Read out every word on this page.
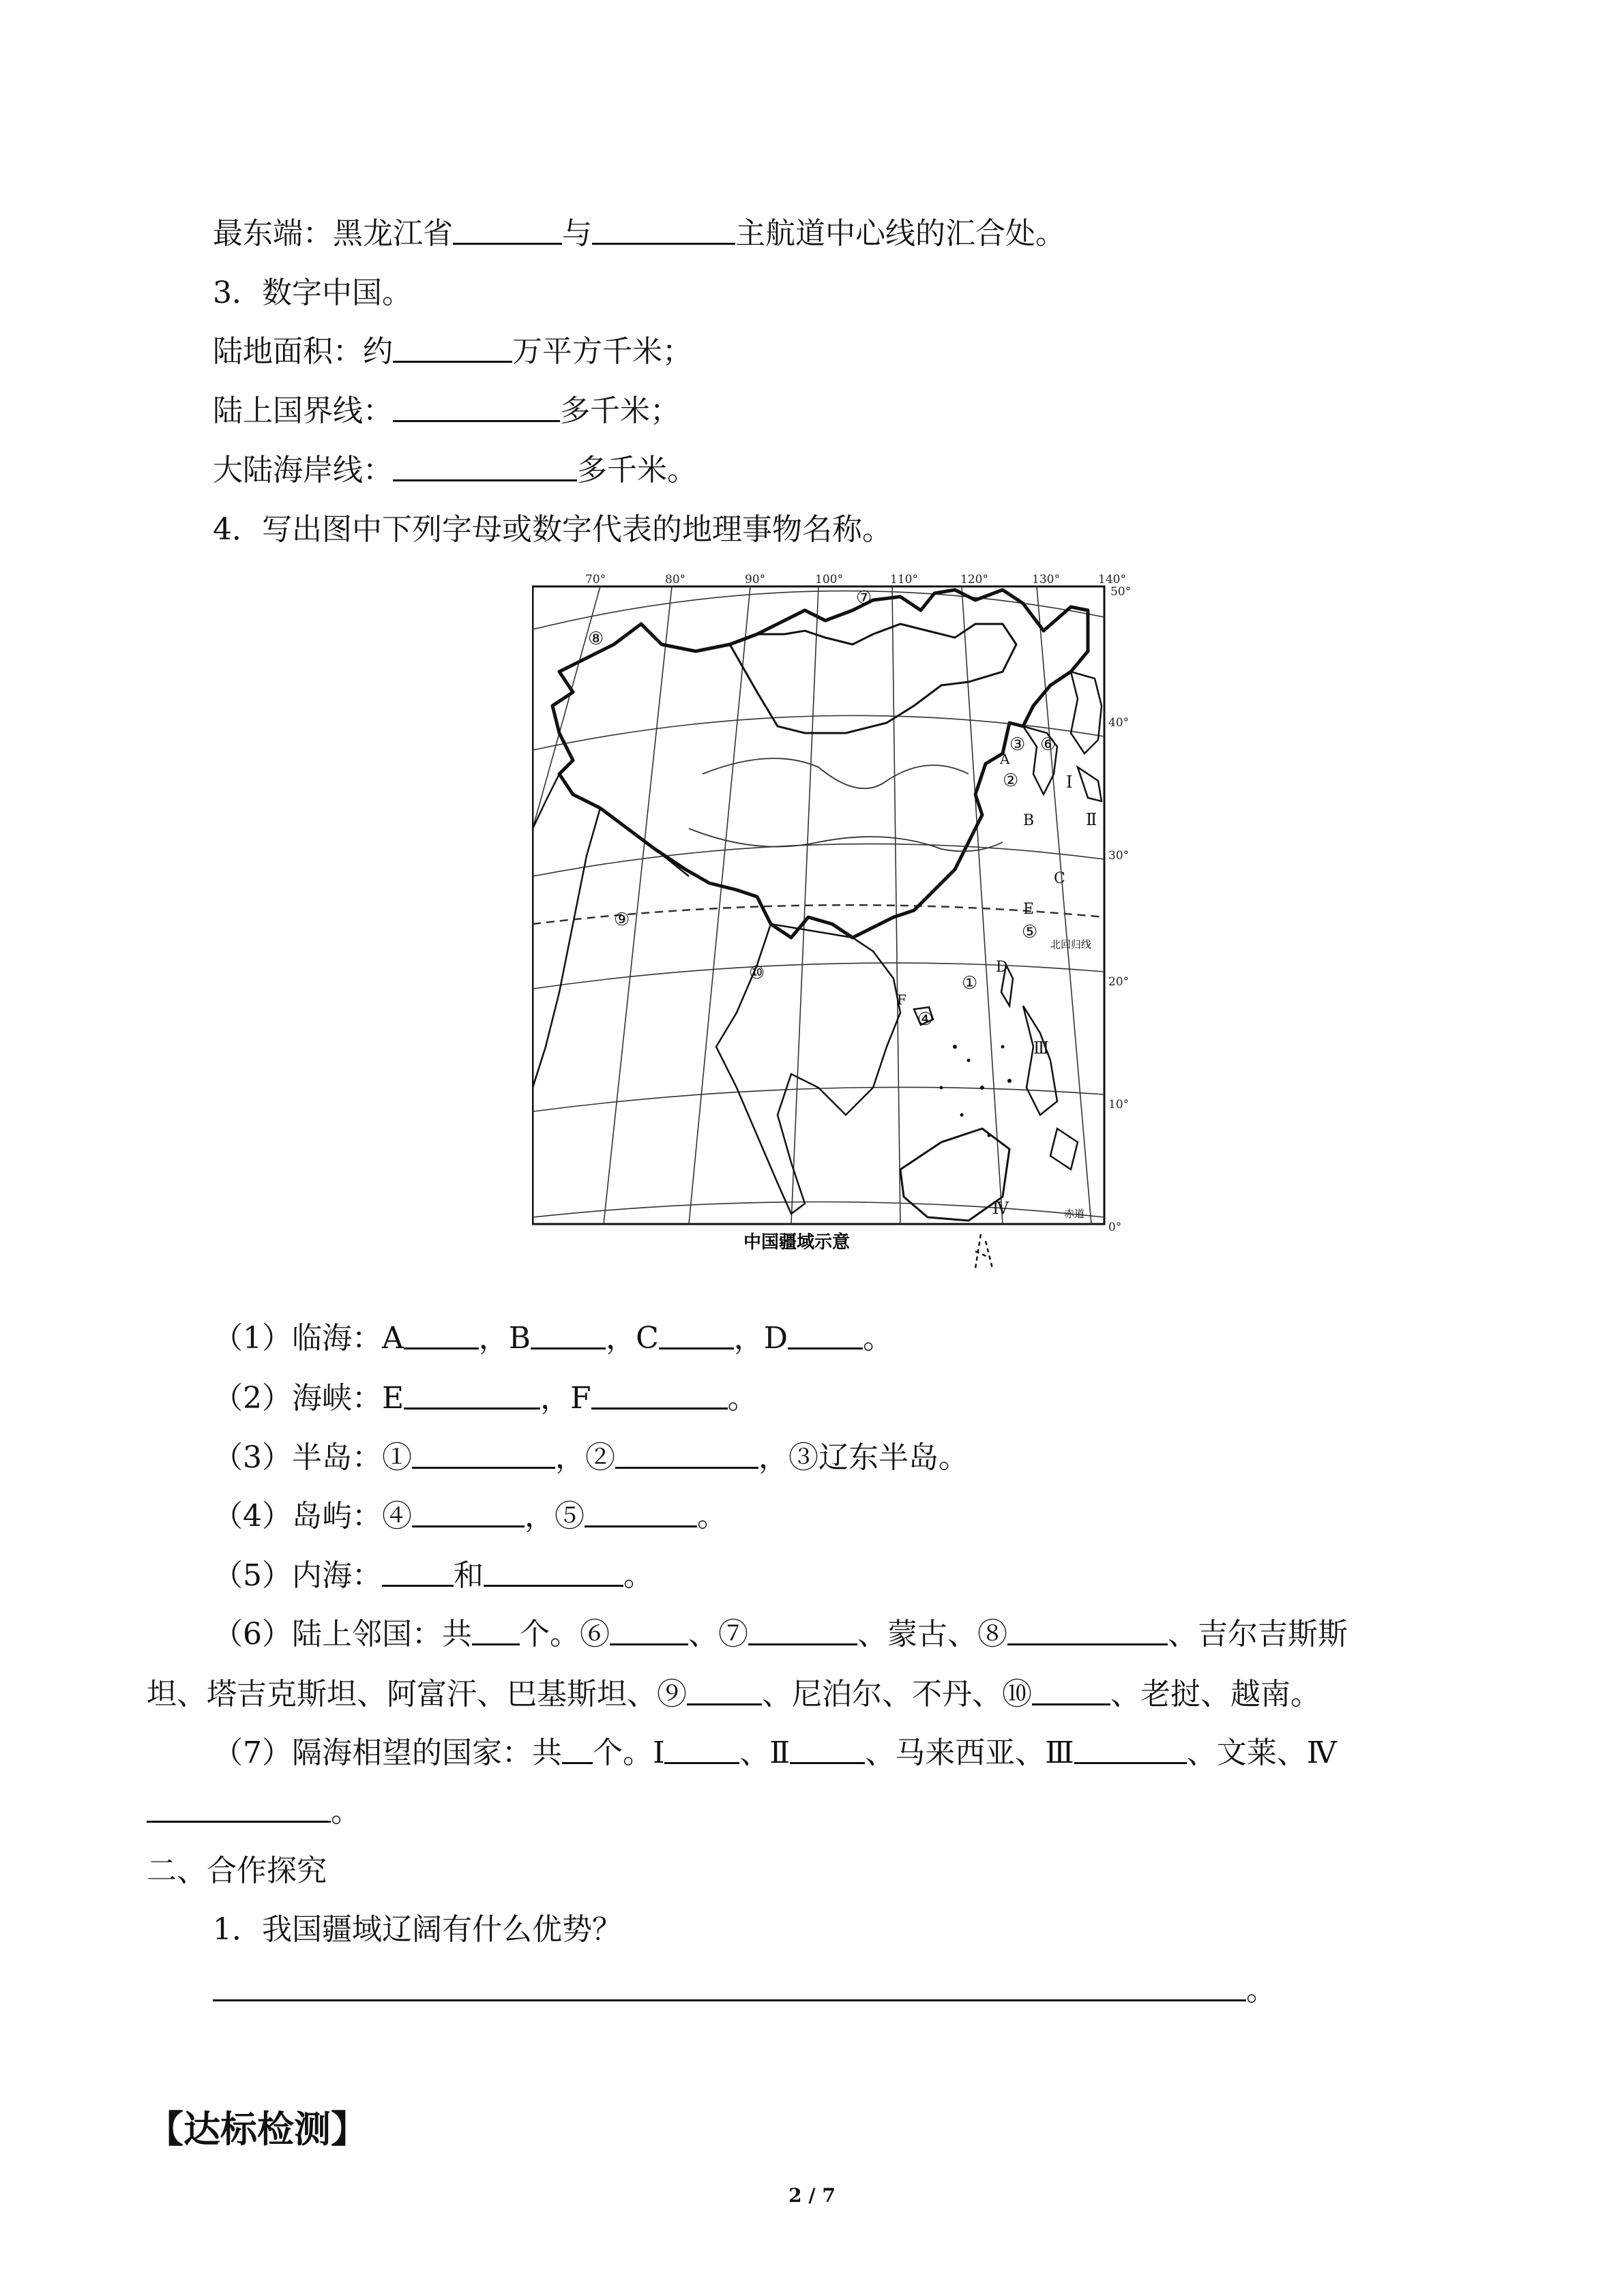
最东端：黑龙江省	与	主航道中心线的汇合处。
3．数字中国。
陆地面积：约	万平方千米；
陆上国界线：	多千米；
大陆海岸线：	多千米。
4．写出图中下列字母或数字代表的地理事物名称。
70°	80°	90°	100°	110°	120°	130°	140°
50°
40°
30°
20°
10°
0°
北回归线
赤道
⑦
⑧
③ ⑥
A
②	Ⅰ
B	Ⅱ
C
E
⑤
⑨
⑩	D
①
F
④
Ⅲ
Ⅳ
中国疆域示意
（1）临海：A	，B	，C	，D	。
（2）海峡：E	，F	。
（3）半岛：①	，②	，③辽东半岛。
（4）岛屿：④	，⑤	。
（5）内海： 和	。
（6）陆上邻国：共 个。⑥	、⑦	、蒙古、⑧	、吉尔吉斯斯
坦、塔吉克斯坦、阿富汗、巴基斯坦、⑨	、尼泊尔、不丹、⑩	、老挝、越南。
（7）隔海相望的国家：共 个。Ⅰ	、Ⅱ	、马来西亚、Ⅲ	、文莱、Ⅳ
。
二、合作探究
1．我国疆域辽阔有什么优势？
。
【达标检测】
2 / 7
